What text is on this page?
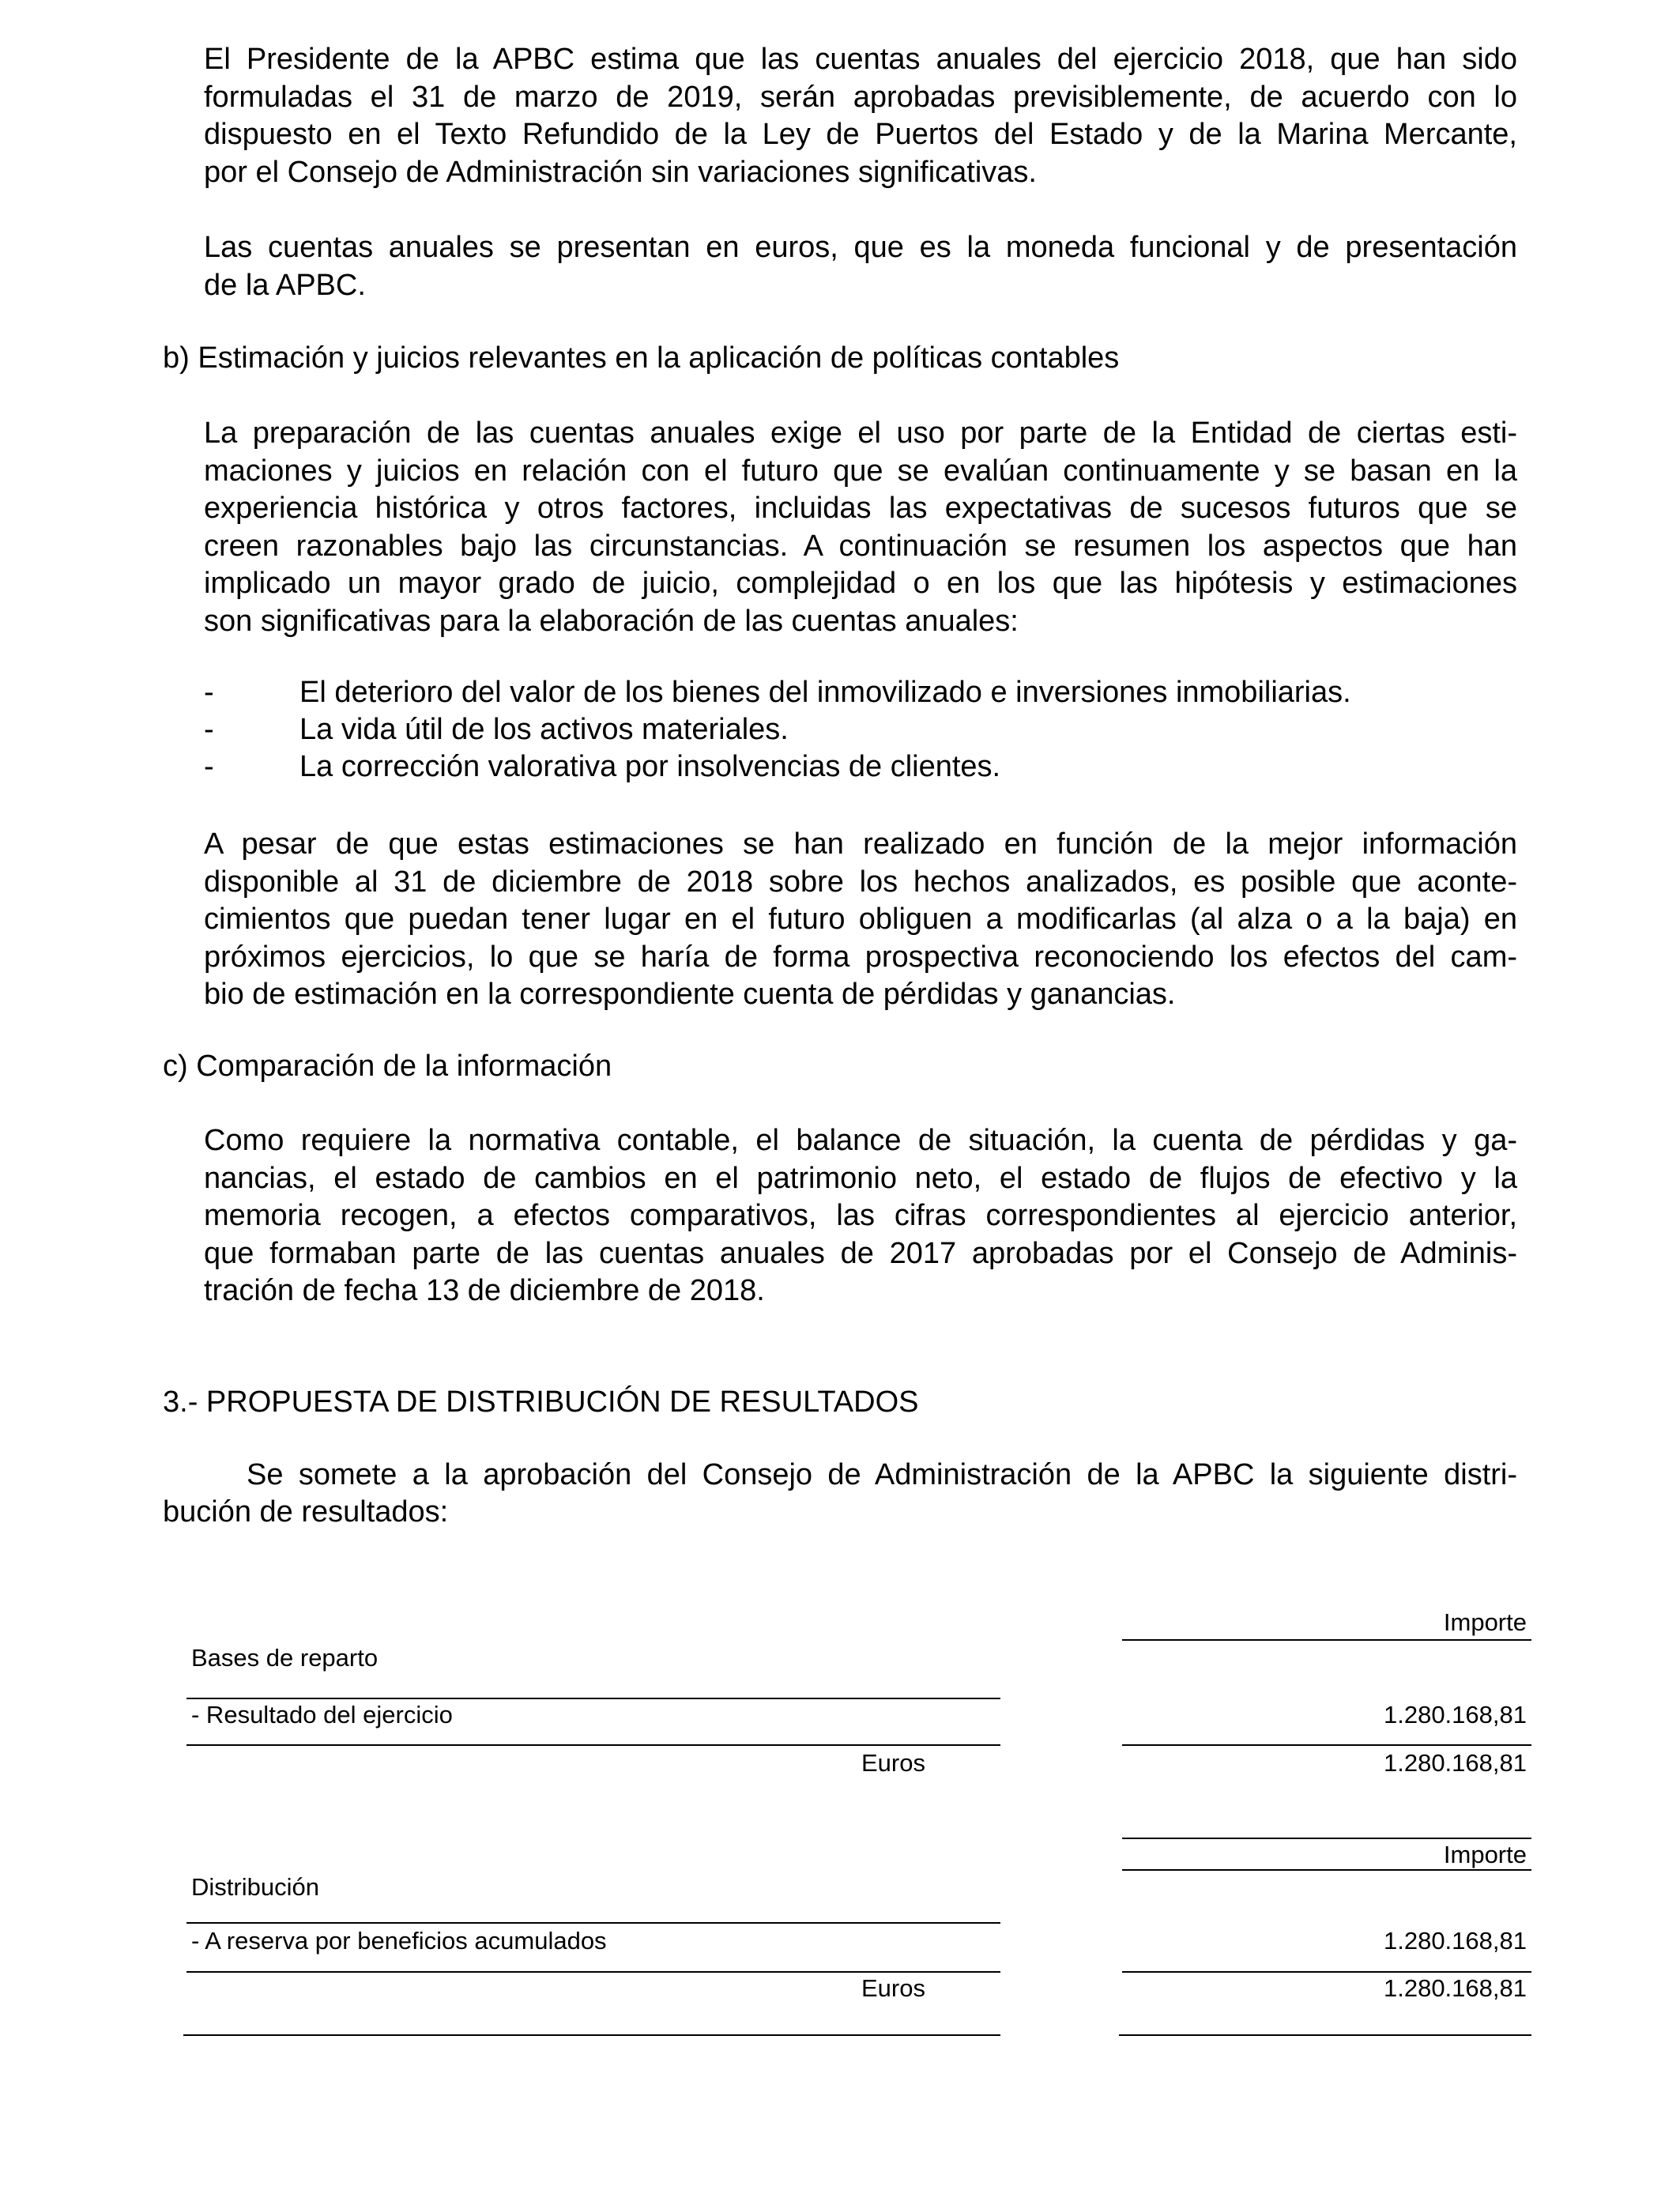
El Presidente de la APBC estima que las cuentas anuales del ejercicio 2018, que han sido
formuladas el 31 de marzo de 2019, serán aprobadas previsiblemente, de acuerdo con lo
dispuesto en el Texto Refundido de la Ley de Puertos del Estado y de la Marina Mercante,
por el Consejo de Administración sin variaciones significativas.
Las cuentas anuales se presentan en euros, que es la moneda funcional y de presentación
de la APBC.
b) Estimación y juicios relevantes en la aplicación de políticas contables
La preparación de las cuentas anuales exige el uso por parte de la Entidad de ciertas esti-
maciones y juicios en relación con el futuro que se evalúan continuamente y se basan en la
experiencia histórica y otros factores, incluidas las expectativas de sucesos futuros que se
creen razonables bajo las circunstancias. A continuación se resumen los aspectos que han
implicado un mayor grado de juicio, complejidad o en los que las hipótesis y estimaciones
son significativas para la elaboración de las cuentas anuales:
-	El deterioro del valor de los bienes del inmovilizado e inversiones inmobiliarias.
-	La vida útil de los activos materiales.
-	La corrección valorativa por insolvencias de clientes.
A pesar de que estas estimaciones se han realizado en función de la mejor información
disponible al 31 de diciembre de 2018 sobre los hechos analizados, es posible que aconte-
cimientos que puedan tener lugar en el futuro obliguen a modificarlas (al alza o a la baja) en
próximos ejercicios, lo que se haría de forma prospectiva reconociendo los efectos del cam-
bio de estimación en la correspondiente cuenta de pérdidas y ganancias.
c) Comparación de la información
Como requiere la normativa contable, el balance de situación, la cuenta de pérdidas y ga-
nancias, el estado de cambios en el patrimonio neto, el estado de flujos de efectivo y la
memoria recogen, a efectos comparativos, las cifras correspondientes al ejercicio anterior,
que formaban parte de las cuentas anuales de 2017 aprobadas por el Consejo de Adminis-
tración de fecha 13 de diciembre de 2018.
3.- PROPUESTA DE DISTRIBUCIÓN DE RESULTADOS
Se somete a la aprobación del Consejo de Administración de la APBC la siguiente distri-
bución de resultados:
Importe
Bases de reparto
- Resultado del ejercicio	1.280.168,81
Euros	1.280.168,81
Importe
Distribución
- A reserva por beneficios acumulados	1.280.168,81
Euros	1.280.168,81
